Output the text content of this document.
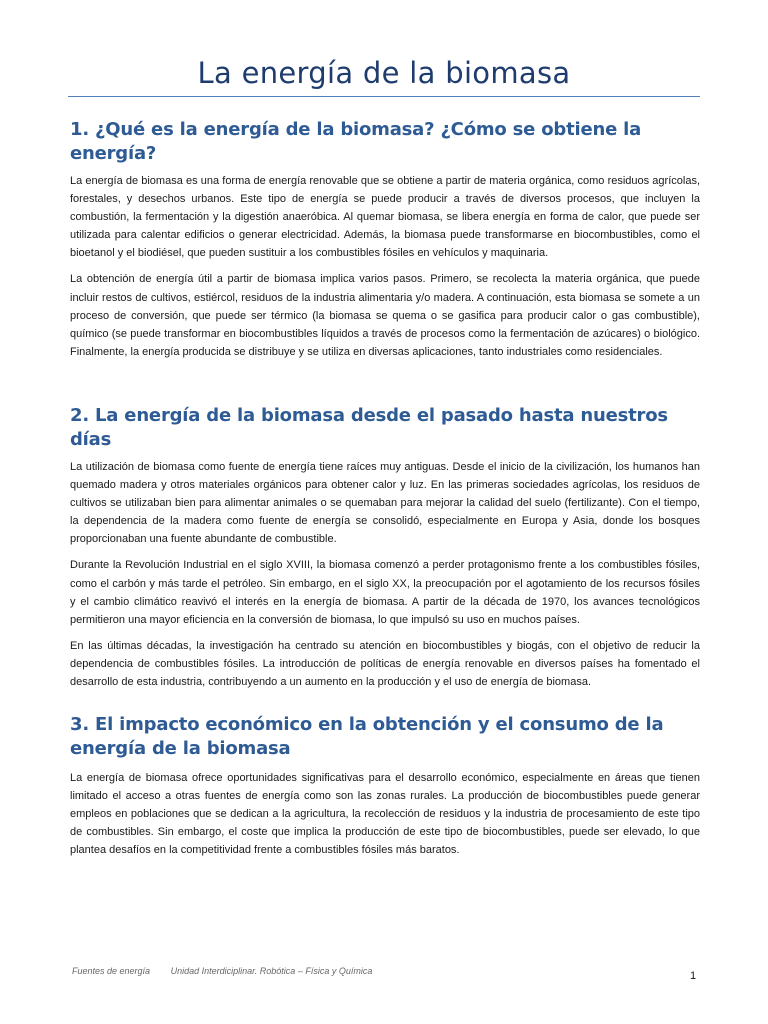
La energía de la biomasa
1. ¿Qué es la energía de la biomasa? ¿Cómo se obtiene la energía?

La energía de biomasa es una forma de energía renovable que se obtiene a partir de materia orgánica, como residuos agrícolas, forestales, y desechos urbanos. Este tipo de energía se puede producir a través de diversos procesos, que incluyen la combustión, la fermentación y la digestión anaeróbica. Al quemar biomasa, se libera energía en forma de calor, que puede ser utilizada para calentar edificios o generar electricidad. Además, la biomasa puede transformarse en biocombustibles, como el bioetanol y el biodiésel, que pueden sustituir a los combustibles fósiles en vehículos y maquinaria.

La obtención de energía útil a partir de biomasa implica varios pasos. Primero, se recolecta la materia orgánica, que puede incluir restos de cultivos, estiércol, residuos de la industria alimentaria y/o madera. A continuación, esta biomasa se somete a un proceso de conversión, que puede ser térmico (la biomasa se quema o se gasifica para producir calor o gas combustible), químico (se puede transformar en biocombustibles líquidos a través de procesos como la fermentación de azúcares) o biológico. Finalmente, la energía producida se distribuye y se utiliza en diversas aplicaciones, tanto industriales como residenciales.

2. La energía de la biomasa desde el pasado hasta nuestros días

La utilización de biomasa como fuente de energía tiene raíces muy antiguas. Desde el inicio de la civilización, los humanos han quemado madera y otros materiales orgánicos para obtener calor y luz. En las primeras sociedades agrícolas, los residuos de cultivos se utilizaban bien para alimentar animales o se quemaban para mejorar la calidad del suelo (fertilizante). Con el tiempo, la dependencia de la madera como fuente de energía se consolidó, especialmente en Europa y Asia, donde los bosques proporcionaban una fuente abundante de combustible.

Durante la Revolución Industrial en el siglo XVIII, la biomasa comenzó a perder protagonismo frente a los combustibles fósiles, como el carbón y más tarde el petróleo. Sin embargo, en el siglo XX, la preocupación por el agotamiento de los recursos fósiles y el cambio climático reavivó el interés en la energía de biomasa. A partir de la década de 1970, los avances tecnológicos permitieron una mayor eficiencia en la conversión de biomasa, lo que impulsó su uso en muchos países.

En las últimas décadas, la investigación ha centrado su atención en biocombustibles y biogás, con el objetivo de reducir la dependencia de combustibles fósiles. La introducción de políticas de energía renovable en diversos países ha fomentado el desarrollo de esta industria, contribuyendo a un aumento en la producción y el uso de energía de biomasa.

3. El impacto económico en la obtención y el consumo de la energía de la biomasa

La energía de biomasa ofrece oportunidades significativas para el desarrollo económico, especialmente en áreas que tienen limitado el acceso a otras fuentes de energía como son las zonas rurales. La producción de biocombustibles puede generar empleos en poblaciones que se dedican a la agricultura, la recolección de residuos y la industria de procesamiento de este tipo de combustibles. Sin embargo, el coste que implica la producción de este tipo de biocombustibles, puede ser elevado, lo que plantea desafíos en la competitividad frente a combustibles fósiles más baratos.

Fuentes de energía Unidad Interdiciplinar. Robótica – Física y Química	1
